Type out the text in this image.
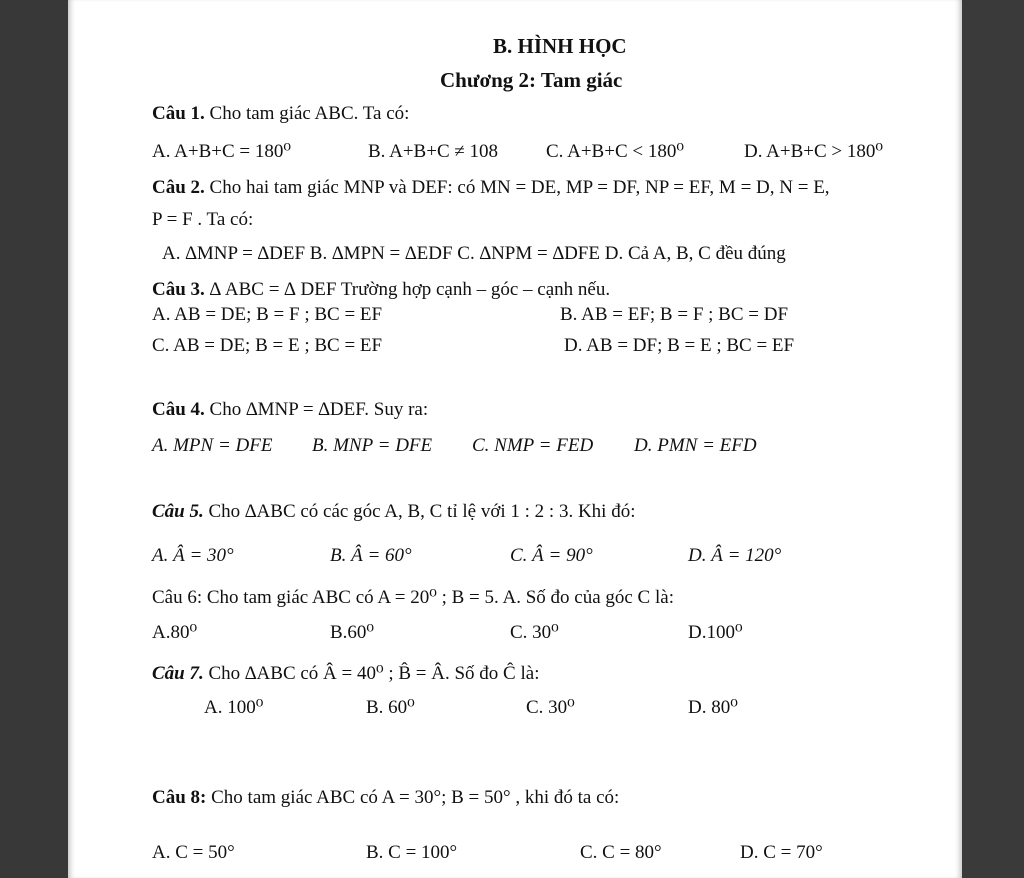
B. HÌNH HỌC
Chương 2: Tam giác
Câu 1. Cho tam giác ABC. Ta có:
A. A+B+C = 180⁰	B. A+B+C ≠ 108	C. A+B+C < 180⁰	D. A+B+C > 180⁰
Câu 2. Cho hai tam giác MNP và DEF: có MN = DE, MP = DF, NP = EF, M = D, N = E,
P = F . Ta có:
A. ∆MNP = ∆DEF B. ∆MPN = ∆EDF C. ∆NPM = ∆DFE D. Cả A, B, C đều đúng
Câu 3. ∆ ABC = ∆ DEF Trường hợp cạnh – góc – cạnh nếu.
A. AB = DE; B = F ; BC = EF	B. AB = EF; B = F ; BC = DF
C. AB = DE; B = E ; BC = EF	D. AB = DF; B = E ; BC = EF
Câu 4. Cho ∆MNP = ∆DEF. Suy ra:
A. MPN = DFE B. MNP = DFE C. NMP = FED D. PMN = EFD
Câu 5. Cho ∆ABC có các góc A, B, C tỉ lệ với 1 : 2 : 3. Khi đó:
A. Â = 30°	B. Â = 60°	C. Â = 90°	D. Â = 120°
Câu 6: Cho tam giác ABC có A = 20⁰ ; B = 5. A. Số đo của góc C là:
A.80⁰	B.60⁰	C. 30⁰	D.100⁰
Câu 7. Cho ∆ABC có Â = 40⁰ ; B̂ = Â. Số đo Ĉ là:
A. 100⁰	B. 60⁰	C. 30⁰	D. 80⁰
Câu 8: Cho tam giác ABC có A = 30°; B = 50° , khi đó ta có:
A. C = 50°	B. C = 100°	C. C = 80°	D. C = 70°
